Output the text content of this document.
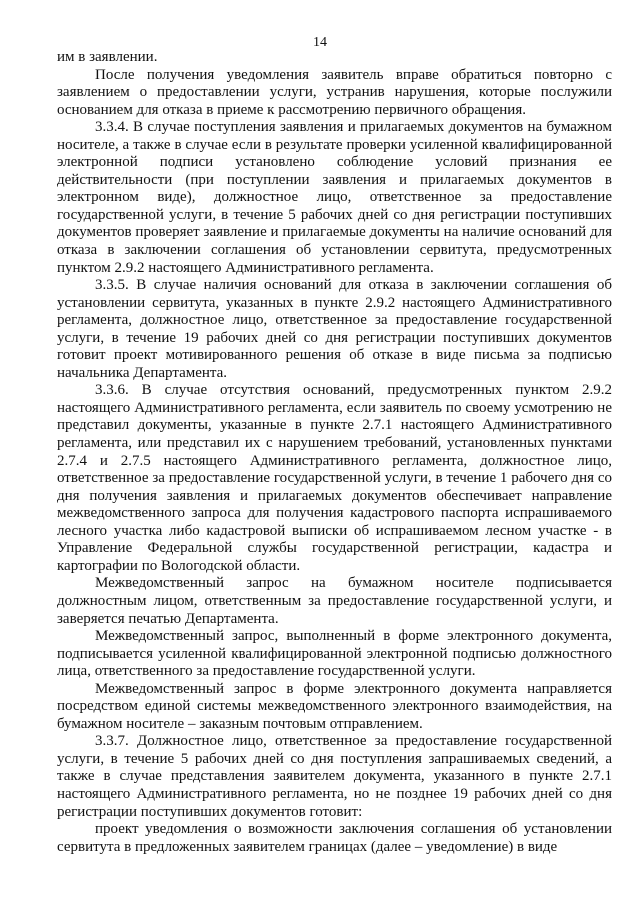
14

им в заявлении.

После получения уведомления заявитель вправе обратиться повторно с заявлением о предоставлении услуги, устранив нарушения, которые послужили основанием для отказа в приеме к рассмотрению первичного обращения.

3.3.4. В случае поступления заявления и прилагаемых документов на бумажном носителе, а также в случае если в результате проверки усиленной квалифицированной электронной подписи установлено соблюдение условий признания ее действительности (при поступлении заявления и прилагаемых документов в электронном виде), должностное лицо, ответственное за предоставление государственной услуги, в течение 5 рабочих дней со дня регистрации поступивших документов проверяет заявление и прилагаемые документы на наличие оснований для отказа в заключении соглашения об установлении сервитута, предусмотренных пунктом 2.9.2 настоящего Административного регламента.

3.3.5. В случае наличия оснований для отказа в заключении соглашения об установлении сервитута, указанных в пункте 2.9.2 настоящего Административного регламента, должностное лицо, ответственное за предоставление государственной услуги, в течение 19 рабочих дней со дня регистрации поступивших документов готовит проект мотивированного решения об отказе в виде письма за подписью начальника Департамента.

3.3.6. В случае отсутствия оснований, предусмотренных пунктом 2.9.2 настоящего Административного регламента, если заявитель по своему усмотрению не представил документы, указанные в пункте 2.7.1 настоящего Административного регламента, или представил их с нарушением требований, установленных пунктами 2.7.4 и 2.7.5 настоящего Административного регламента, должностное лицо, ответственное за предоставление государственной услуги, в течение 1 рабочего дня со дня получения заявления и прилагаемых документов обеспечивает направление межведомственного запроса для получения кадастрового паспорта испрашиваемого лесного участка либо кадастровой выписки об испрашиваемом лесном участке - в Управление Федеральной службы государственной регистрации, кадастра и картографии по Вологодской области.

Межведомственный запрос на бумажном носителе подписывается должностным лицом, ответственным за предоставление государственной услуги, и заверяется печатью Департамента.

Межведомственный запрос, выполненный в форме электронного документа, подписывается усиленной квалифицированной электронной подписью должностного лица, ответственного за предоставление государственной услуги.

Межведомственный запрос в форме электронного документа направляется посредством единой системы межведомственного электронного взаимодействия, на бумажном носителе – заказным почтовым отправлением.

3.3.7. Должностное лицо, ответственное за предоставление государственной услуги, в течение 5 рабочих дней со дня поступления запрашиваемых сведений, а также в случае представления заявителем документа, указанного в пункте 2.7.1 настоящего Административного регламента, но не позднее 19 рабочих дней со дня регистрации поступивших документов готовит:

проект уведомления о возможности заключения соглашения об установлении сервитута в предложенных заявителем границах (далее – уведомление) в виде
